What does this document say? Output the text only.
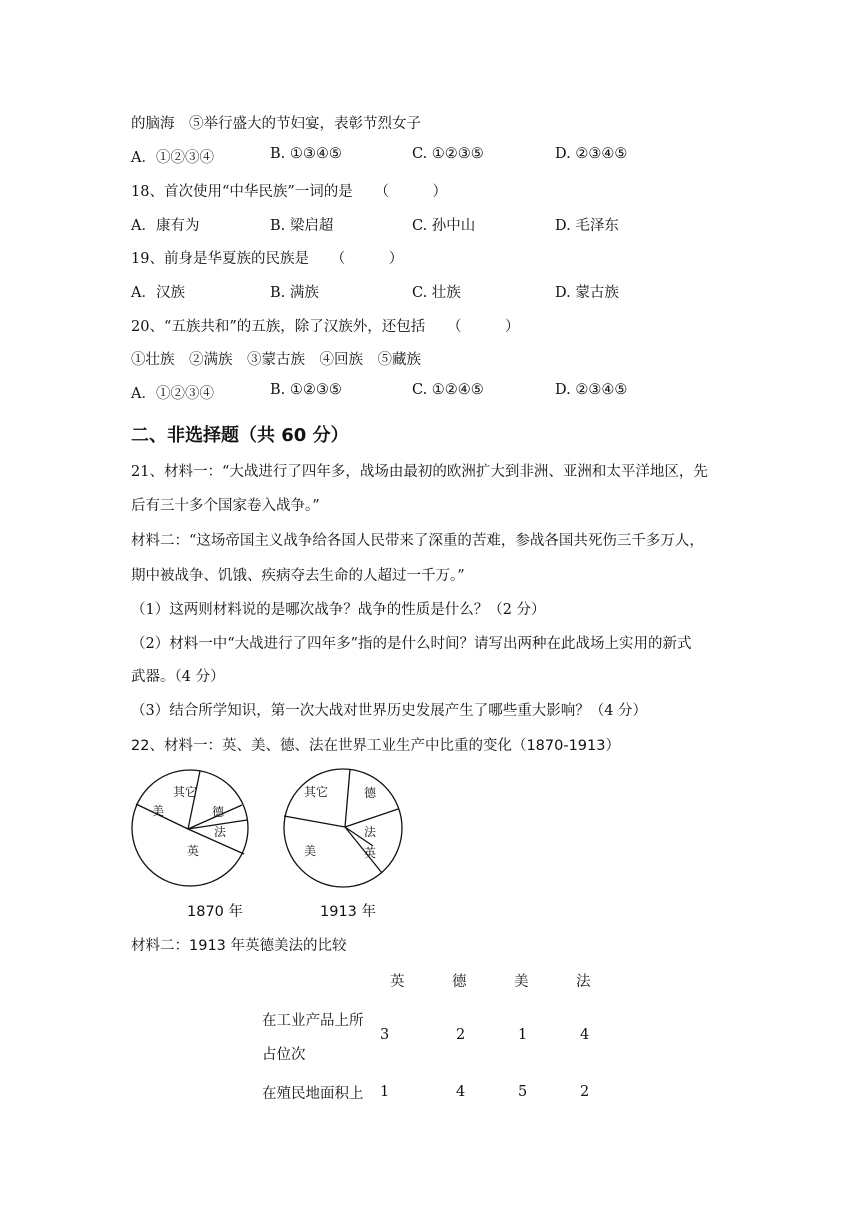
的脑海　⑤举行盛大的节妇宴，表彰节烈女子
A．①②③④	B. ①③④⑤	C. ①②③⑤	D. ②③④⑤
18、首次使用“中华民族”一词的是　　（　　　）
A．康有为	B. 梁启超	C. 孙中山	D. 毛泽东
19、前身是华夏族的民族是　　（　　　）
A．汉族	B. 满族	C. 壮族	D. 蒙古族
20、“五族共和”的五族，除了汉族外，还包括　　（　　　）
①壮族　②满族　③蒙古族　④回族　⑤藏族
A．①②③④	B. ①②③⑤	C. ①②④⑤	D. ②③④⑤
二、非选择题（共 60 分）
21、材料一：“大战进行了四年多，战场由最初的欧洲扩大到非洲、亚洲和太平洋地区，先
后有三十多个国家卷入战争。”
材料二：“这场帝国主义战争给各国人民带来了深重的苦难，参战各国共死伤三千多万人，
期中被战争、饥饿、疾病夺去生命的人超过一千万。”
（1）这两则材料说的是哪次战争？战争的性质是什么？（2 分）
（2）材料一中“大战进行了四年多”指的是什么时间？请写出两种在此战场上实用的新式
武器。（4 分）
（3）结合所学知识，第一次大战对世界历史发展产生了哪些重大影响？（4 分）
22、材料一：英、美、德、法在世界工业生产中比重的变化（1870-1913）
其它
美	德
法
英
其它	德
法
英
美
1870 年	1913 年
材料二：1913 年英德美法的比较
	英	德	美	法

在工业产品上所
占位次	3	2	1	4

在殖民地面积上	1	4	5	2
